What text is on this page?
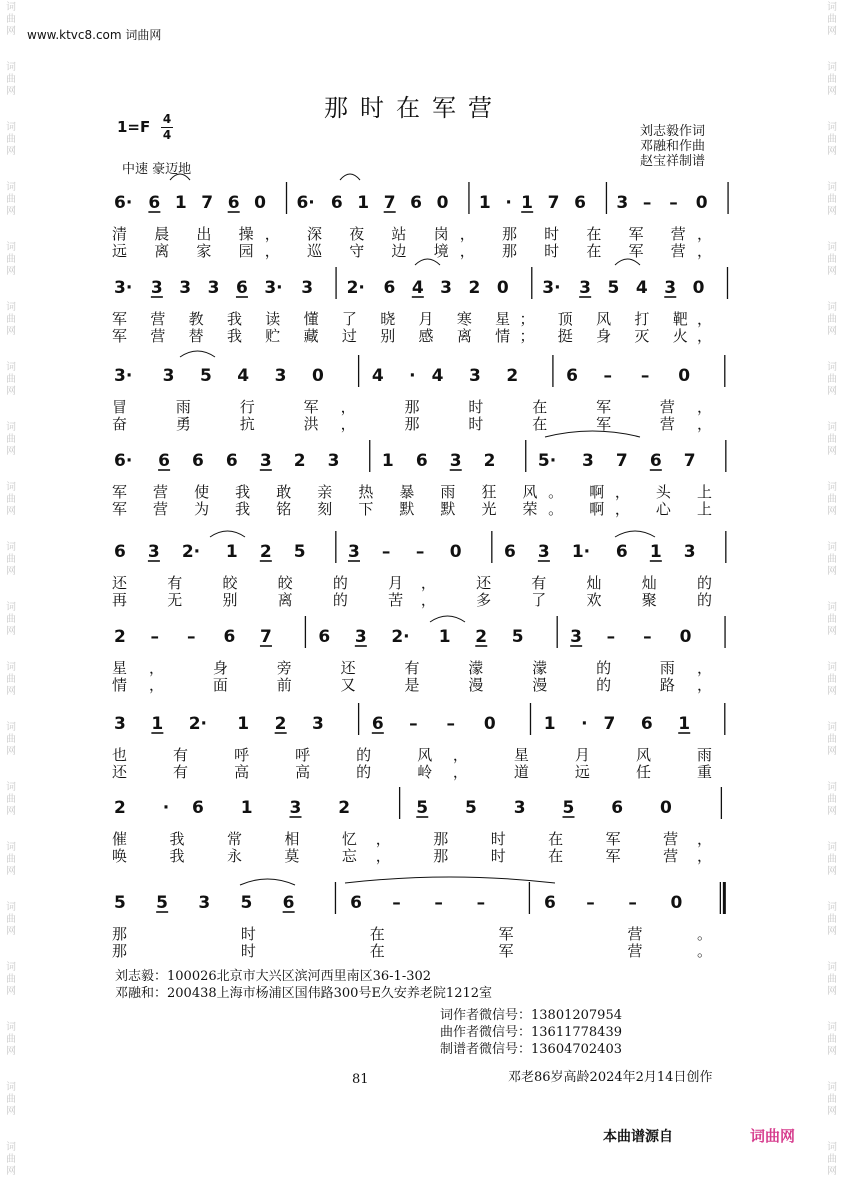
词
曲
网
词
曲
网
词
曲
网
词
曲
网
词
曲
网
词
曲
网
词
曲
网
词
曲
网
词
曲
网
词
曲
网
词
曲
网
词
曲
网
词
曲
网
词
曲
网
词
曲
网
词
曲
网
词
曲
网
词
曲
网
词
曲
网
词
曲
网
词
曲
网
词
曲
网
词
曲
网
词
曲
网
词
曲
网
词
曲
网
词
曲
网
词
曲
网
词
曲
网
词
曲
网
词
曲
网
词
曲
网
词
曲
网
词
曲
网
词
曲
网
词
曲
网
词
曲
网
词
曲
网
词
曲
网
词
曲
网
www.ktvc8.com 词曲网
那时在军营
1=F 4
4
中速 豪迈地
刘志毅作词
邓融和作曲
赵宝祥制谱
6· 6 1 7 6 0 6· 6 1 7 6 0 1 · 1 7 6 3 – – 0
清 晨 出 操， 深 夜 站 岗， 那 时 在 军 营，
远 离 家 园， 巡 守 边 境， 那 时 在 军 营，
3· 3 3 3 6 3· 3 2· 6 4 3 2 0 3· 3 5 4 3 0
军 营 教 我 读 懂 了 晓 月 寒 星； 顶 风 打 靶，
军 营 替 我 贮 藏 过 别 感 离 情； 挺 身 灭 火，
3· 3 5 4 3 0	4 · 4 3 2	6 – – 0
冒 雨 行 军， 那 时 在 军 营，
奋 勇 抗 洪， 那 时 在 军 营，
6· 6 6 6 3 2 3 1 6 3 2 5· 3 7 6 7
军 营 使 我 敢 亲 热 暴 雨 狂 风。 啊， 头 上
军 营 为 我 铭 刻 下 默 默 光 荣。 啊， 心 上
6 3 2· 1 2 5 3 – – 0 6 3 1· 6 1 3
还 有 皎 皎 的 月， 还 有 灿 灿 的
再 无 别 离 的 苦， 多 了 欢 聚 的
2 – – 6 7	6 3 2· 1 2 5	3 – – 0
星， 身 旁 还 有 濛 濛 的 雨，
情， 面 前 又 是 漫 漫 的 路，
3 1 2· 1 2 3	6 – – 0	1 · 7 6 1
也 有 呼 呼 的 风， 星 月 风 雨
还 有 高 高 的 岭， 道 远 任 重
2 · 6 1 3 2	5 5 3 5 6 0
催 我 常 相 忆， 那 时 在 军 营，
唤 我 永 莫 忘， 那 时 在 军 营，
5 5 3 5 6	6 – – –	6 – – 0
那 时 在 军 营。
那 时 在 军 营。
刘志毅：100026北京市大兴区滨河西里南区36-1-302
邓融和：200438上海市杨浦区国伟路300号E久安养老院1212室
词作者微信号：13801207954
曲作者微信号：13611778439
制谱者微信号：13604702403
81	邓老86岁高龄2024年2月14日创作
本曲谱源自	词曲网
